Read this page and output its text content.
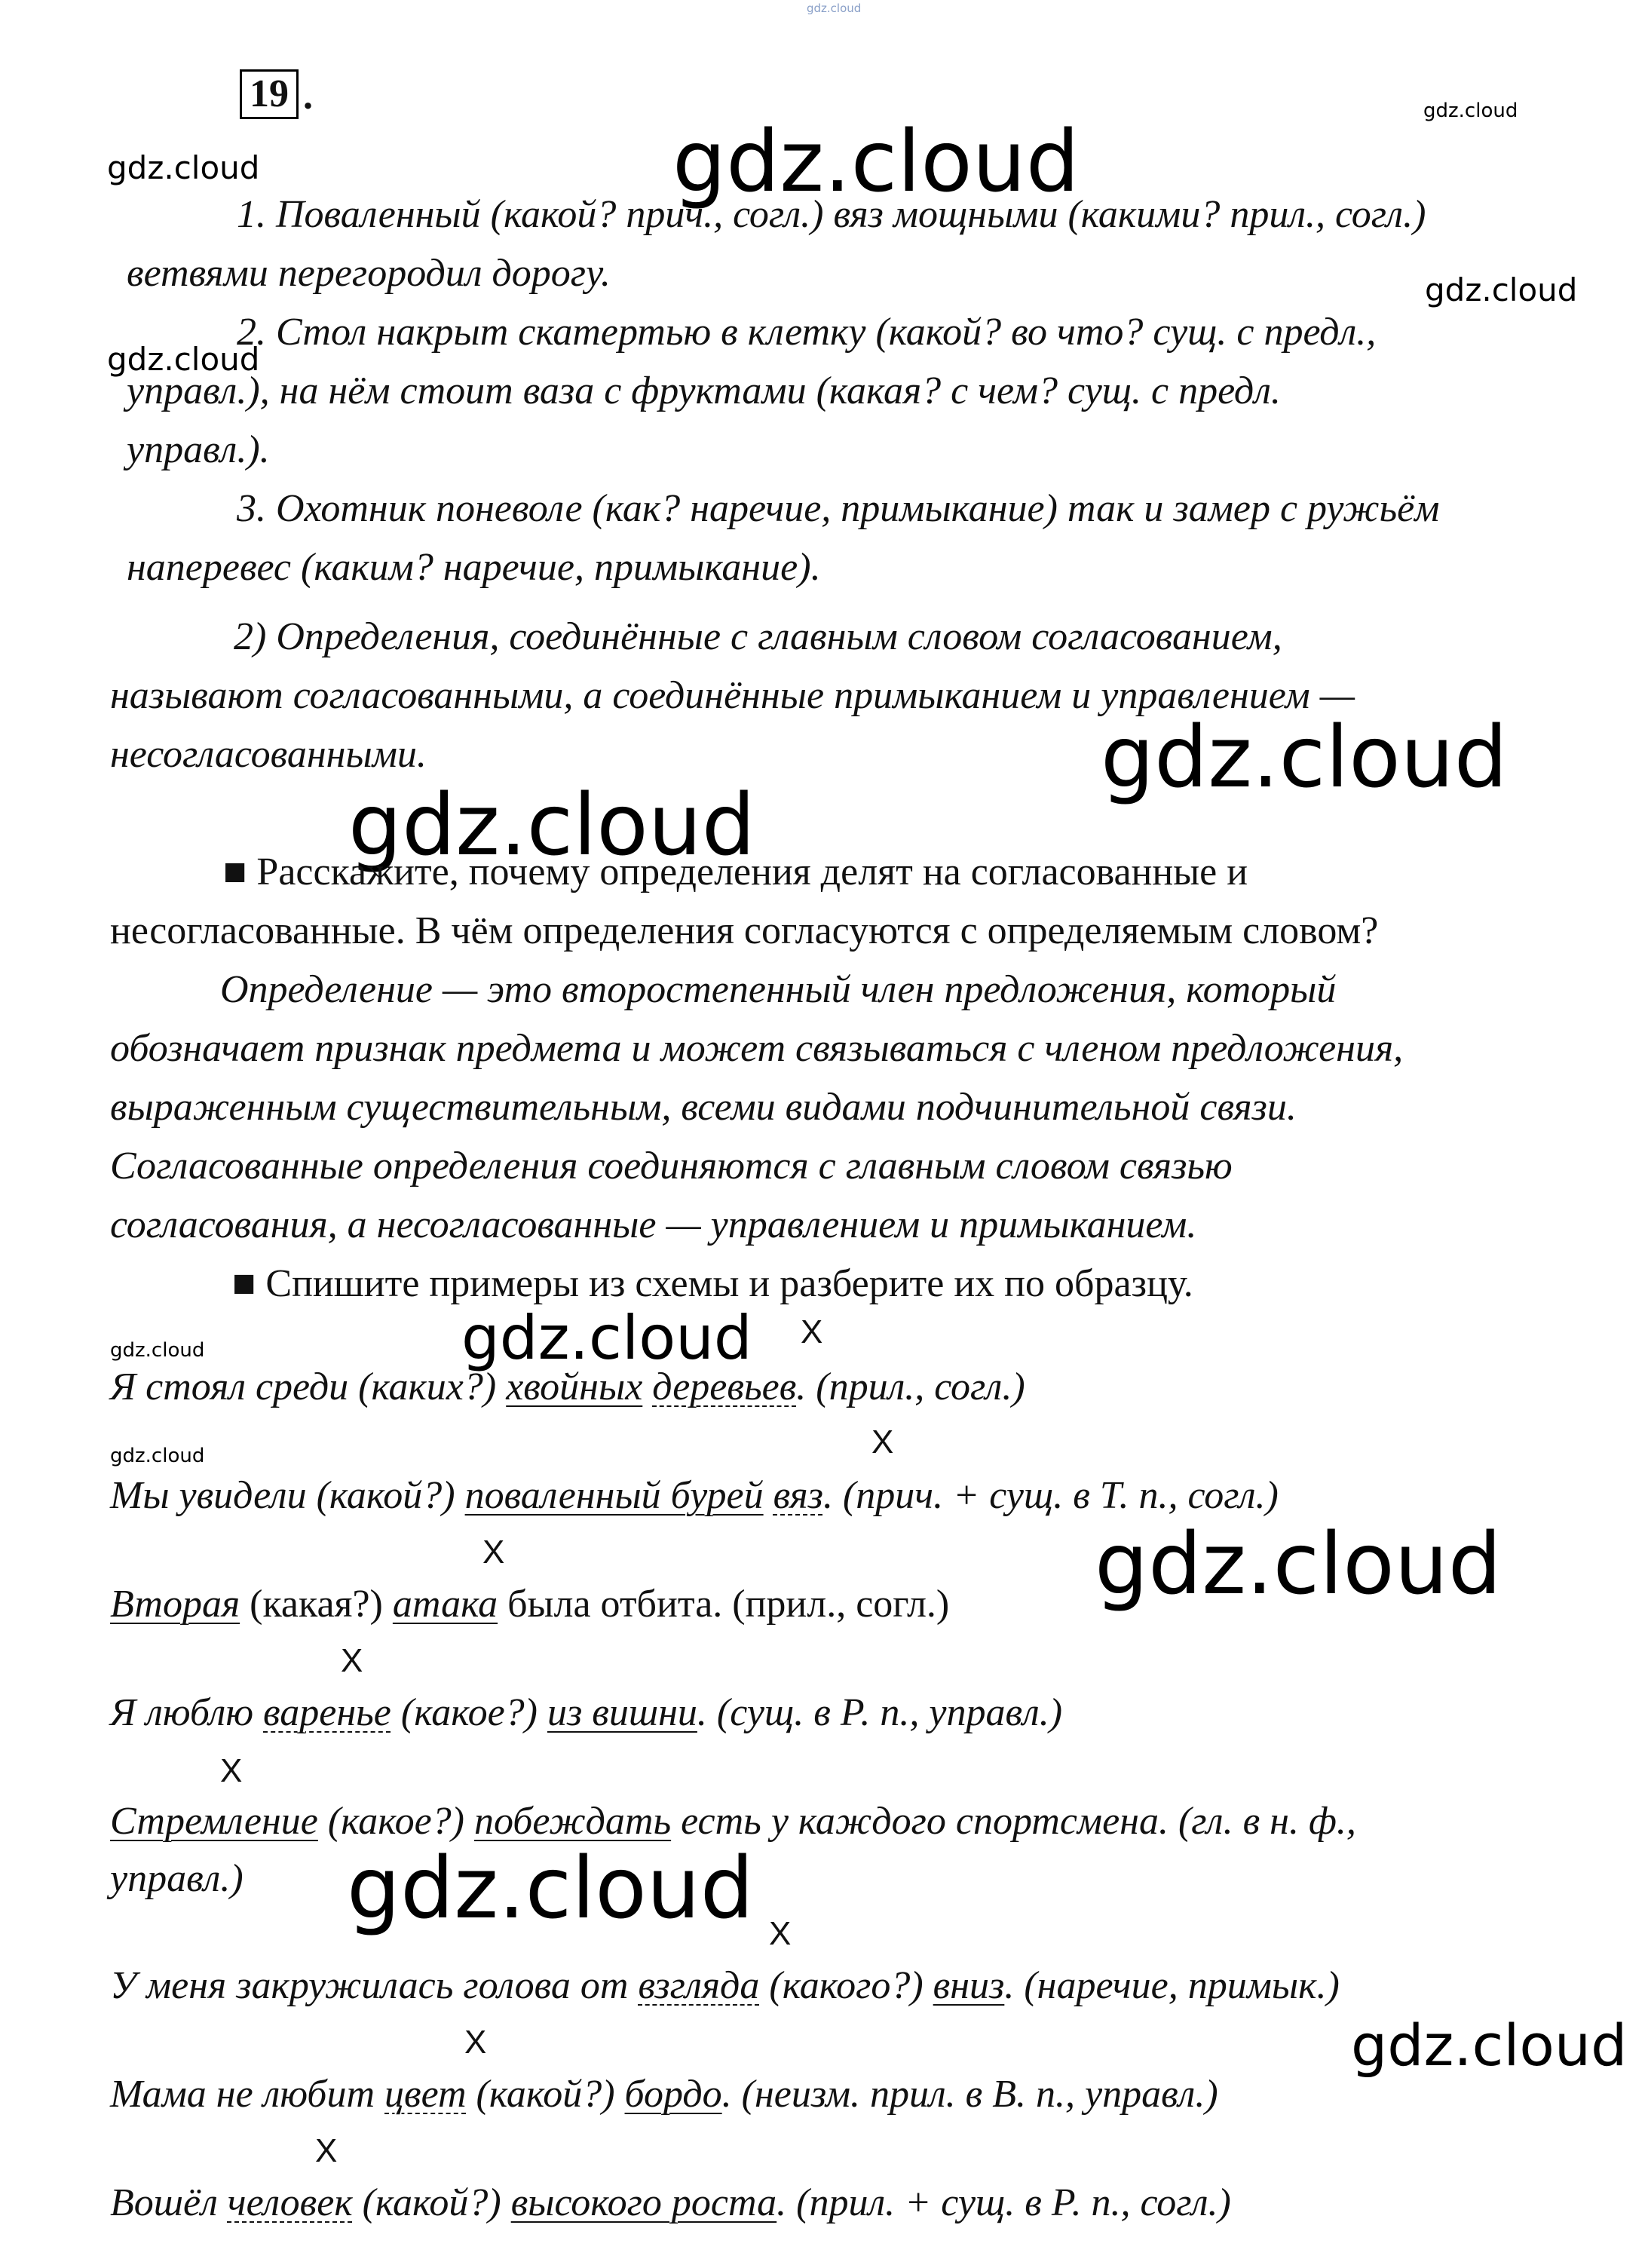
gdz.cloud
gdz.cloud
gdz.cloud	gdz.cloud
gdz.cloud
gdz.cloud
gdz.cloud
gdz.cloud
gdz.cloud	gdz.cloud
gdz.cloud
gdz.cloud
gdz.cloud
gdz.cloud
19 .
1. Поваленный (какой? прич., согл.) вяз мощными (какими? прил., согл.)
ветвями перегородил дорогу.
2. Стол накрыт скатертью в клетку (какой? во что? сущ. с предл.,
управл.), на нём стоит ваза с фруктами (какая? с чем? сущ. с предл.
управл.).
3. Охотник поневоле (как? наречие, примыкание) так и замер с ружьём
наперевес (каким? наречие, примыкание).
2) Определения, соединённые с главным словом согласованием,
называют согласованными, а соединённые примыканием и управлением —
несогласованными.
■ Расскажите, почему определения делят на согласованные и
несогласованные. В чём определения согласуются с определяемым словом?
Определение — это второстепенный член предложения, который
обозначает признак предмета и может связываться с членом предложения,
выраженным существительным, всеми видами подчинительной связи.
Согласованные определения соединяются с главным словом связью
согласования, а несогласованные — управлением и примыканием.
■ Спишите примеры из схемы и разберите их по образцу.
X
X
X
X
X
X
X
X
Я стоял среди (каких?) хвойных деревьев. (прил., согл.)
Мы увидели (какой?) поваленный бурей вяз. (прич. + сущ. в Т. п., согл.)
Вторая (какая?) атака была отбита. (прил., согл.)
Я люблю варенье (какое?) из вишни. (сущ. в Р. п., управл.)
Стремление (какое?) побеждать есть у каждого спортсмена. (гл. в н. ф.,
управл.)
У меня закружилась голова от взгляда (какого?) вниз. (наречие, примык.)
Мама не любит цвет (какой?) бордо. (неизм. прил. в В. п., управл.)
Вошёл человек (какой?) высокого роста. (прил. + сущ. в Р. п., согл.)
